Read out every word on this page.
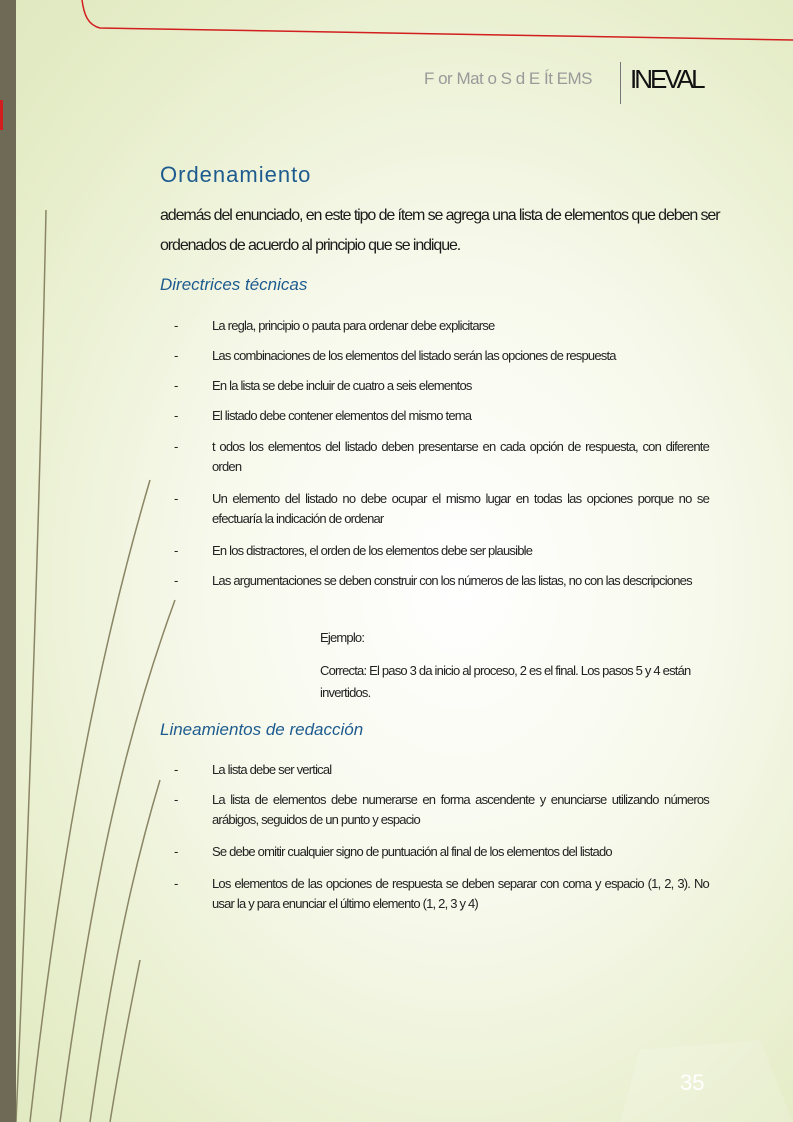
F or Mat o S d E Ít EMS INEVAL
Ordenamiento
además del enunciado, en este tipo de ítem se agrega una lista de elementos que deben ser ordenados de acuerdo al principio que se indique.
Directrices técnicas
-	La regla, principio o pauta para ordenar debe explicitarse
-	Las combinaciones de los elementos del listado serán las opciones de respuesta
-	En la lista se debe incluir de cuatro a seis elementos
-	El listado debe contener elementos del mismo tema
-	t odos los elementos del listado deben presentarse en cada opción de respuesta, con diferente orden
-	Un elemento del listado no debe ocupar el mismo lugar en todas las opciones porque no se efectuaría la indicación de ordenar
-	En los distractores, el orden de los elementos debe ser plausible
-	Las argumentaciones se deben construir con los números de las listas, no con las descripciones
Ejemplo:
Correcta: El paso 3 da inicio al proceso, 2 es el final. Los pasos 5 y 4 están invertidos.
Lineamientos de redacción
-	La lista debe ser vertical
-	La lista de elementos debe numerarse en forma ascendente y enunciarse utilizando números arábigos, seguidos de un punto y espacio
-	Se debe omitir cualquier signo de puntuación al final de los elementos del listado
-	Los elementos de las opciones de respuesta se deben separar con coma y espacio (1, 2, 3). No usar la y para enunciar el último elemento (1, 2, 3 y 4)
35
